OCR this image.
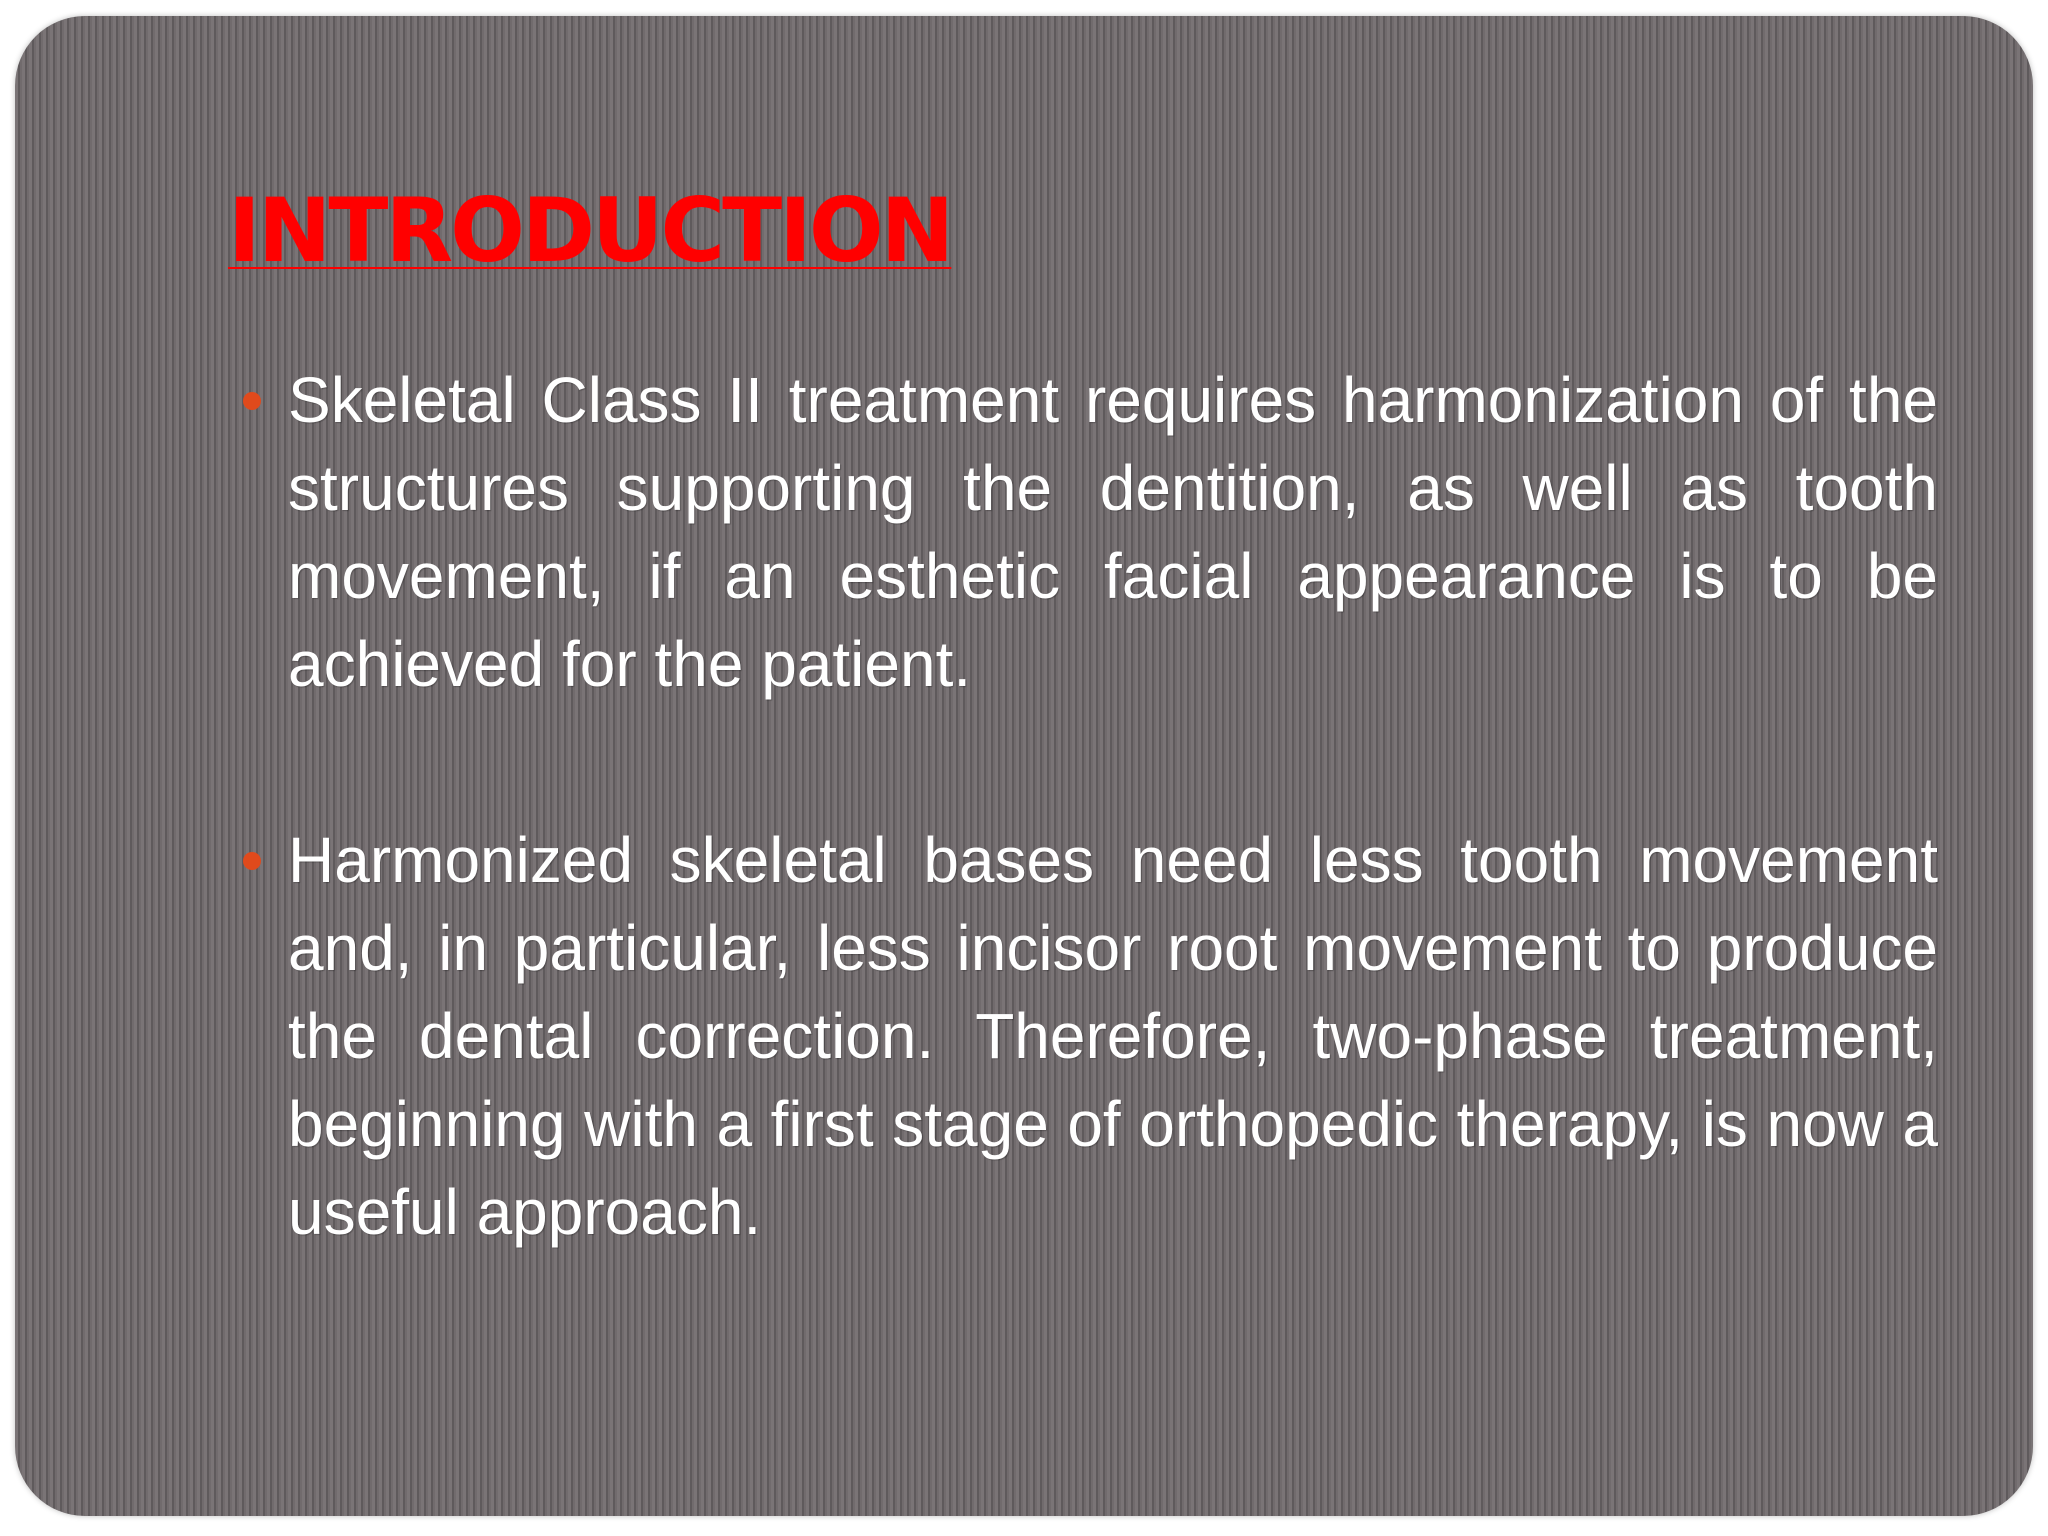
INTRODUCTION
Skeletal Class II treatment requires harmonization of the structures supporting the dentition, as well as tooth movement, if an esthetic facial appearance is to be achieved for the patient.
Harmonized skeletal bases need less tooth movement and, in particular, less incisor root movement to produce the dental correction. Therefore, two-phase treatment, beginning with a first stage of orthopedic therapy, is now a useful approach.
